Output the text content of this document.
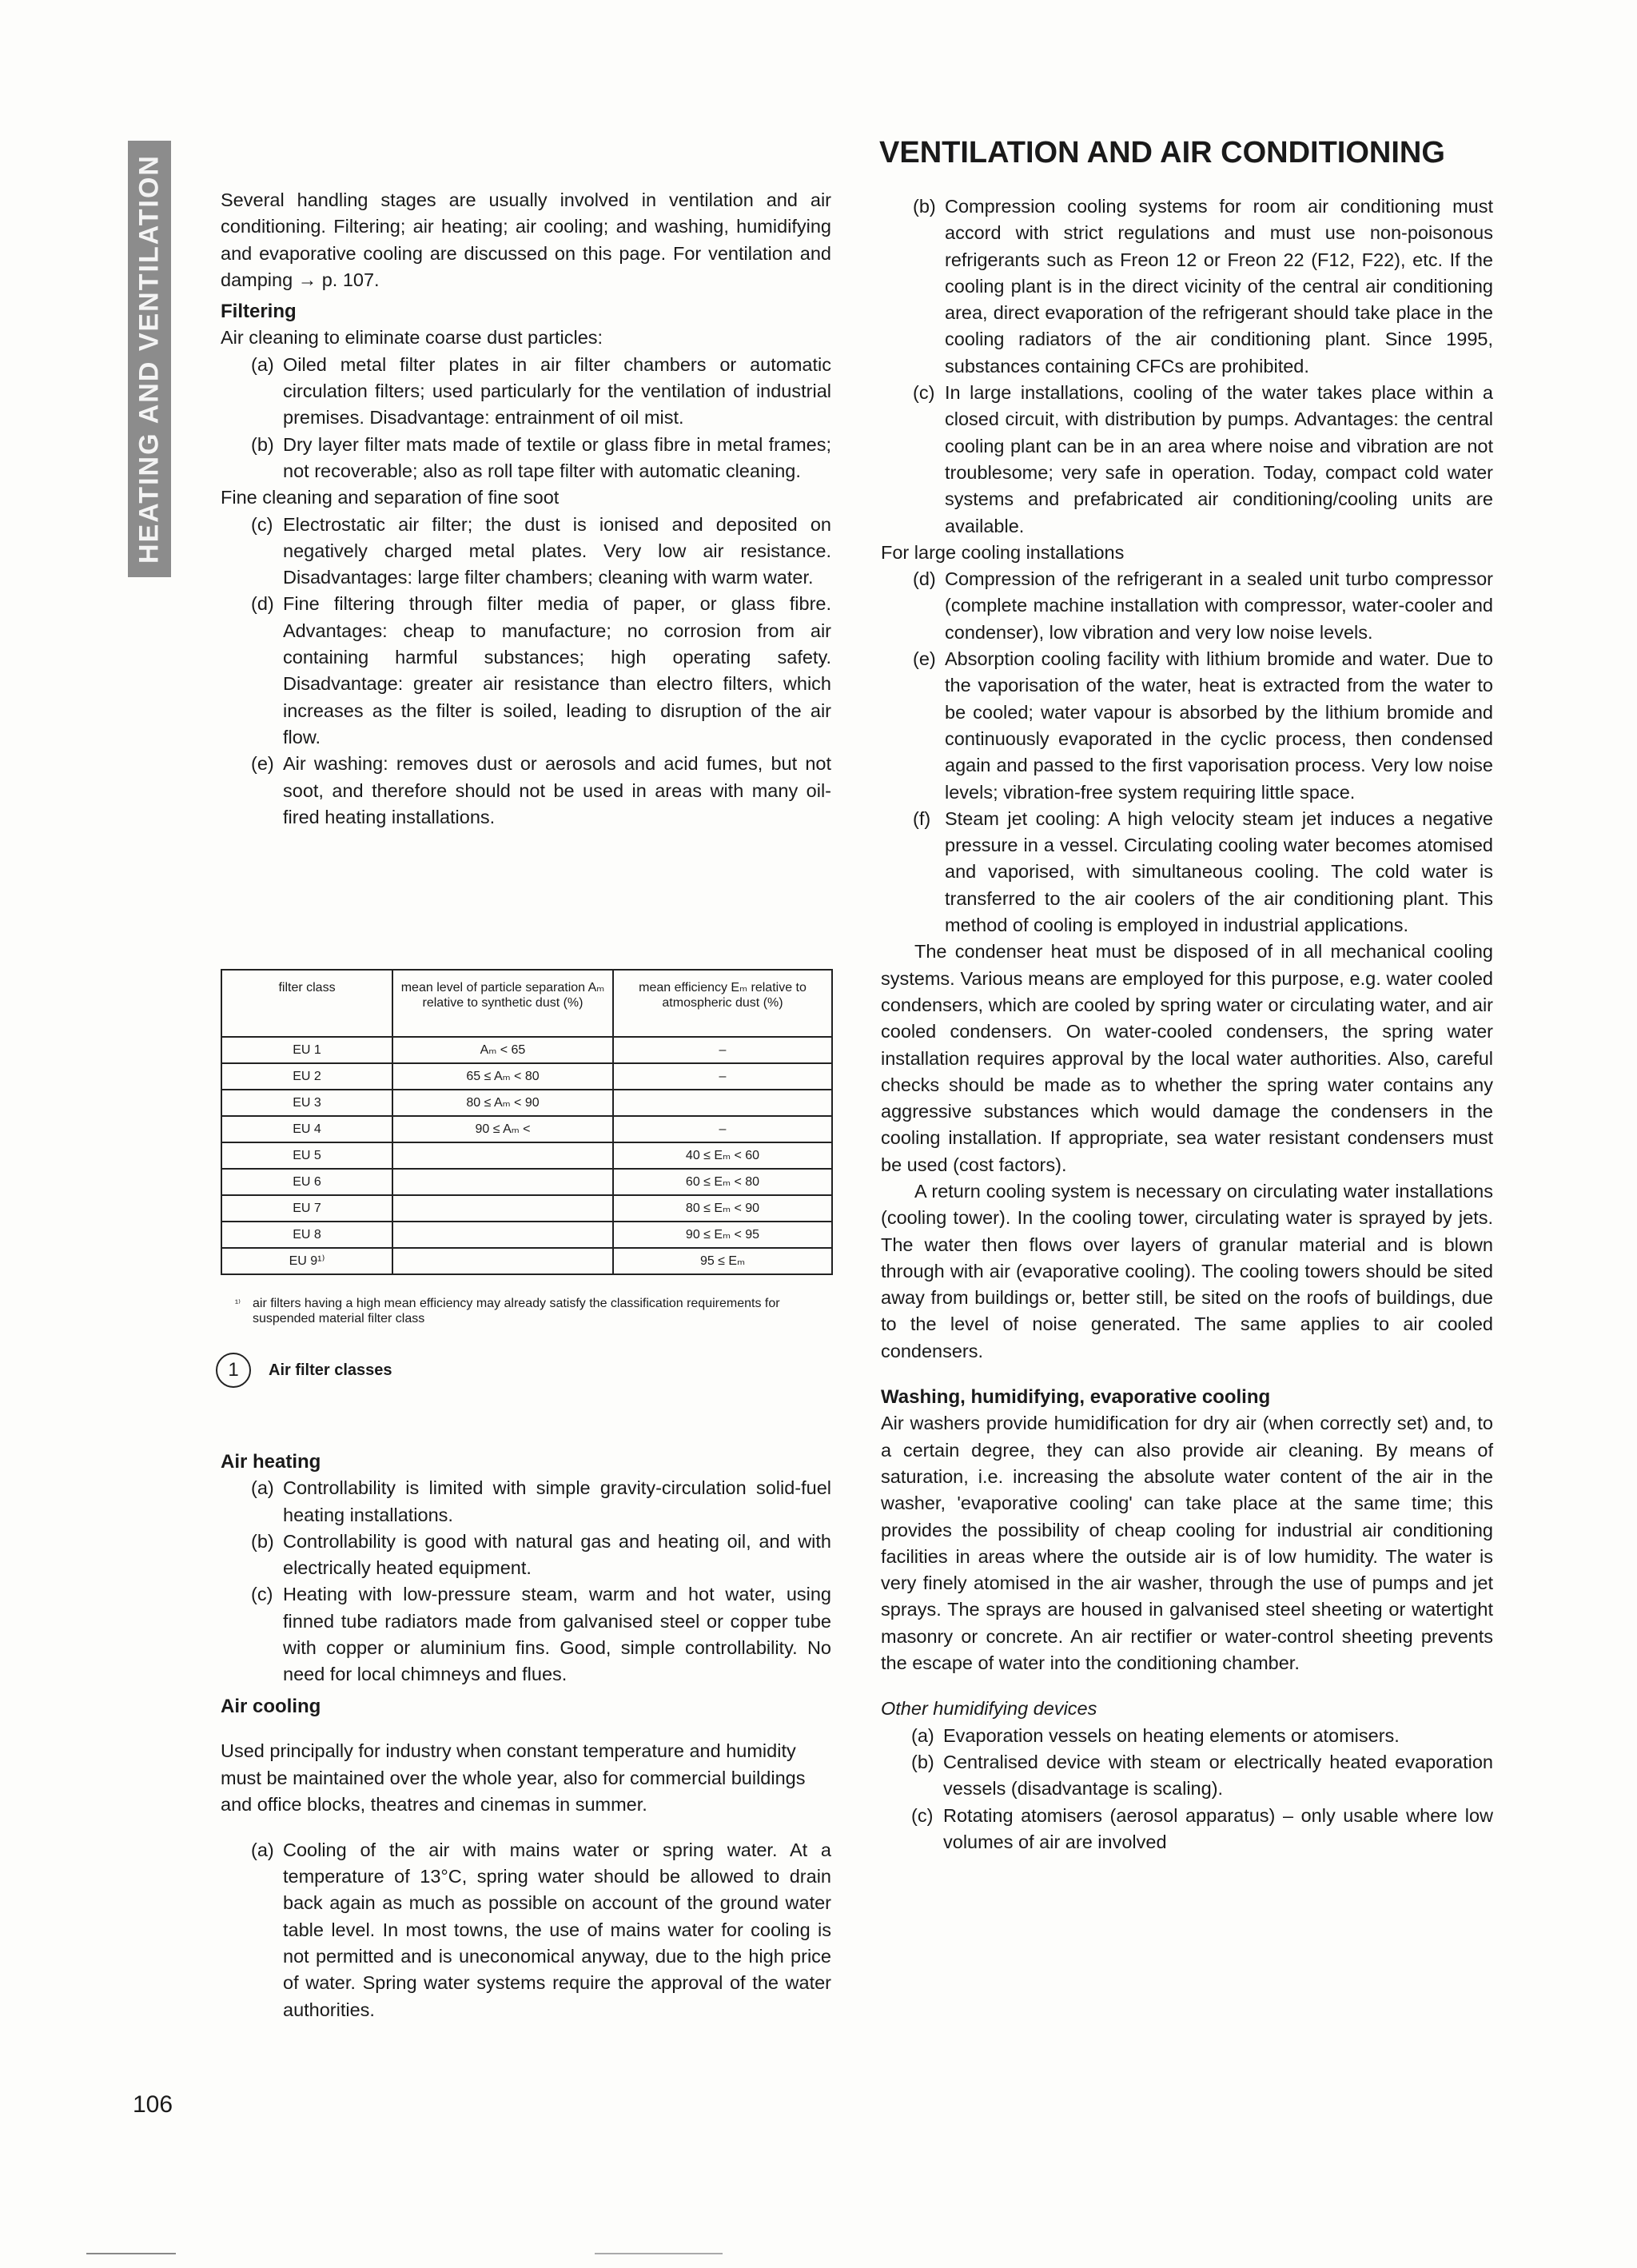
HEATING AND VENTILATION
VENTILATION AND AIR CONDITIONING

Several handling stages are usually involved in ventilation and air conditioning. Filtering; air heating; air cooling; and washing, humidifying and evaporative cooling are discussed on this page. For ventilation and damping → p. 107.

Filtering

Air cleaning to eliminate coarse dust particles:

(a) Oiled metal filter plates in air filter chambers or automatic circulation filters; used particularly for the ventilation of industrial premises. Disadvantage: entrainment of oil mist.
(b) Dry layer filter mats made of textile or glass fibre in metal frames; not recoverable; also as roll tape filter with automatic cleaning.

Fine cleaning and separation of fine soot

(c) Electrostatic air filter; the dust is ionised and deposited on negatively charged metal plates. Very low air resistance. Disadvantages: large filter chambers; cleaning with warm water.
(d) Fine filtering through filter media of paper, or glass fibre. Advantages: cheap to manufacture; no corrosion from air containing harmful substances; high operating safety. Disadvantage: greater air resistance than electro filters, which increases as the filter is soiled, leading to disruption of the air flow.
(e) Air washing: removes dust or aerosols and acid fumes, but not soot, and therefore should not be used in areas with many oil-fired heating installations.
filter class	mean level of particle separation Aₘ relative to synthetic dust (%)	mean efficiency Eₘ relative to atmospheric dust (%)
EU 1	Aₘ < 65	–
EU 2	65 ≤ Aₘ < 80	–
EU 3	80 ≤ Aₘ < 90	
EU 4	90 ≤ Aₘ <	–
EU 5		40 ≤ Eₘ < 60
EU 6		60 ≤ Eₘ < 80
EU 7		80 ≤ Eₘ < 90
EU 8		90 ≤ Eₘ < 95
EU 9¹⁾		95 ≤ Eₘ
¹⁾ air filters having a high mean efficiency may already satisfy the classification requirements for suspended material filter class
1	Air filter classes
Air heating
(a) Controllability is limited with simple gravity-circulation solid-fuel heating installations.
(b) Controllability is good with natural gas and heating oil, and with electrically heated equipment.
(c) Heating with low-pressure steam, warm and hot water, using finned tube radiators made from galvanised steel or copper tube with copper or aluminium fins. Good, simple controllability. No need for local chimneys and flues.
Air cooling

Used principally for industry when constant temperature and humidity must be maintained over the whole year, also for commercial buildings and office blocks, theatres and cinemas in summer.

(a) Cooling of the air with mains water or spring water. At a temperature of 13°C, spring water should be allowed to drain back again as much as possible on account of the ground water table level. In most towns, the use of mains water for cooling is not permitted and is uneconomical anyway, due to the high price of water. Spring water systems require the approval of the water authorities.
(b) Compression cooling systems for room air conditioning must accord with strict regulations and must use non-poisonous refrigerants such as Freon 12 or Freon 22 (F12, F22), etc. If the cooling plant is in the direct vicinity of the central air conditioning area, direct evaporation of the refrigerant should take place in the cooling radiators of the air conditioning plant. Since 1995, substances containing CFCs are prohibited.
(c) In large installations, cooling of the water takes place within a closed circuit, with distribution by pumps. Advantages: the central cooling plant can be in an area where noise and vibration are not troublesome; very safe in operation. Today, compact cold water systems and prefabricated air conditioning/cooling units are available.

For large cooling installations

(d) Compression of the refrigerant in a sealed unit turbo compressor (complete machine installation with compressor, water-cooler and condenser), low vibration and very low noise levels.
(e) Absorption cooling facility with lithium bromide and water. Due to the vaporisation of the water, heat is extracted from the water to be cooled; water vapour is absorbed by the lithium bromide and continuously evaporated in the cyclic process, then condensed again and passed to the first vaporisation process. Very low noise levels; vibration-free system requiring little space.
(f) Steam jet cooling: A high velocity steam jet induces a negative pressure in a vessel. Circulating cooling water becomes atomised and vaporised, with simultaneous cooling. The cold water is transferred to the air coolers of the air conditioning plant. This method of cooling is employed in industrial applications.

The condenser heat must be disposed of in all mechanical cooling systems. Various means are employed for this purpose, e.g. water cooled condensers, which are cooled by spring water or circulating water, and air cooled condensers. On water-cooled condensers, the spring water installation requires approval by the local water authorities. Also, careful checks should be made as to whether the spring water contains any aggressive substances which would damage the condensers in the cooling installation. If appropriate, sea water resistant condensers must be used (cost factors).

A return cooling system is necessary on circulating water installations (cooling tower). In the cooling tower, circulating water is sprayed by jets. The water then flows over layers of granular material and is blown through with air (evaporative cooling). The cooling towers should be sited away from buildings or, better still, be sited on the roofs of buildings, due to the level of noise generated. The same applies to air cooled condensers.

Washing, humidifying, evaporative cooling

Air washers provide humidification for dry air (when correctly set) and, to a certain degree, they can also provide air cleaning. By means of saturation, i.e. increasing the absolute water content of the air in the washer, 'evaporative cooling' can take place at the same time; this provides the possibility of cheap cooling for industrial air conditioning facilities in areas where the outside air is of low humidity. The water is very finely atomised in the air washer, through the use of pumps and jet sprays. The sprays are housed in galvanised steel sheeting or watertight masonry or concrete. An air rectifier or water-control sheeting prevents the escape of water into the conditioning chamber.

Other humidifying devices

(a) Evaporation vessels on heating elements or atomisers.
(b) Centralised device with steam or electrically heated evaporation vessels (disadvantage is scaling).
(c) Rotating atomisers (aerosol apparatus) – only usable where low volumes of air are involved
106
